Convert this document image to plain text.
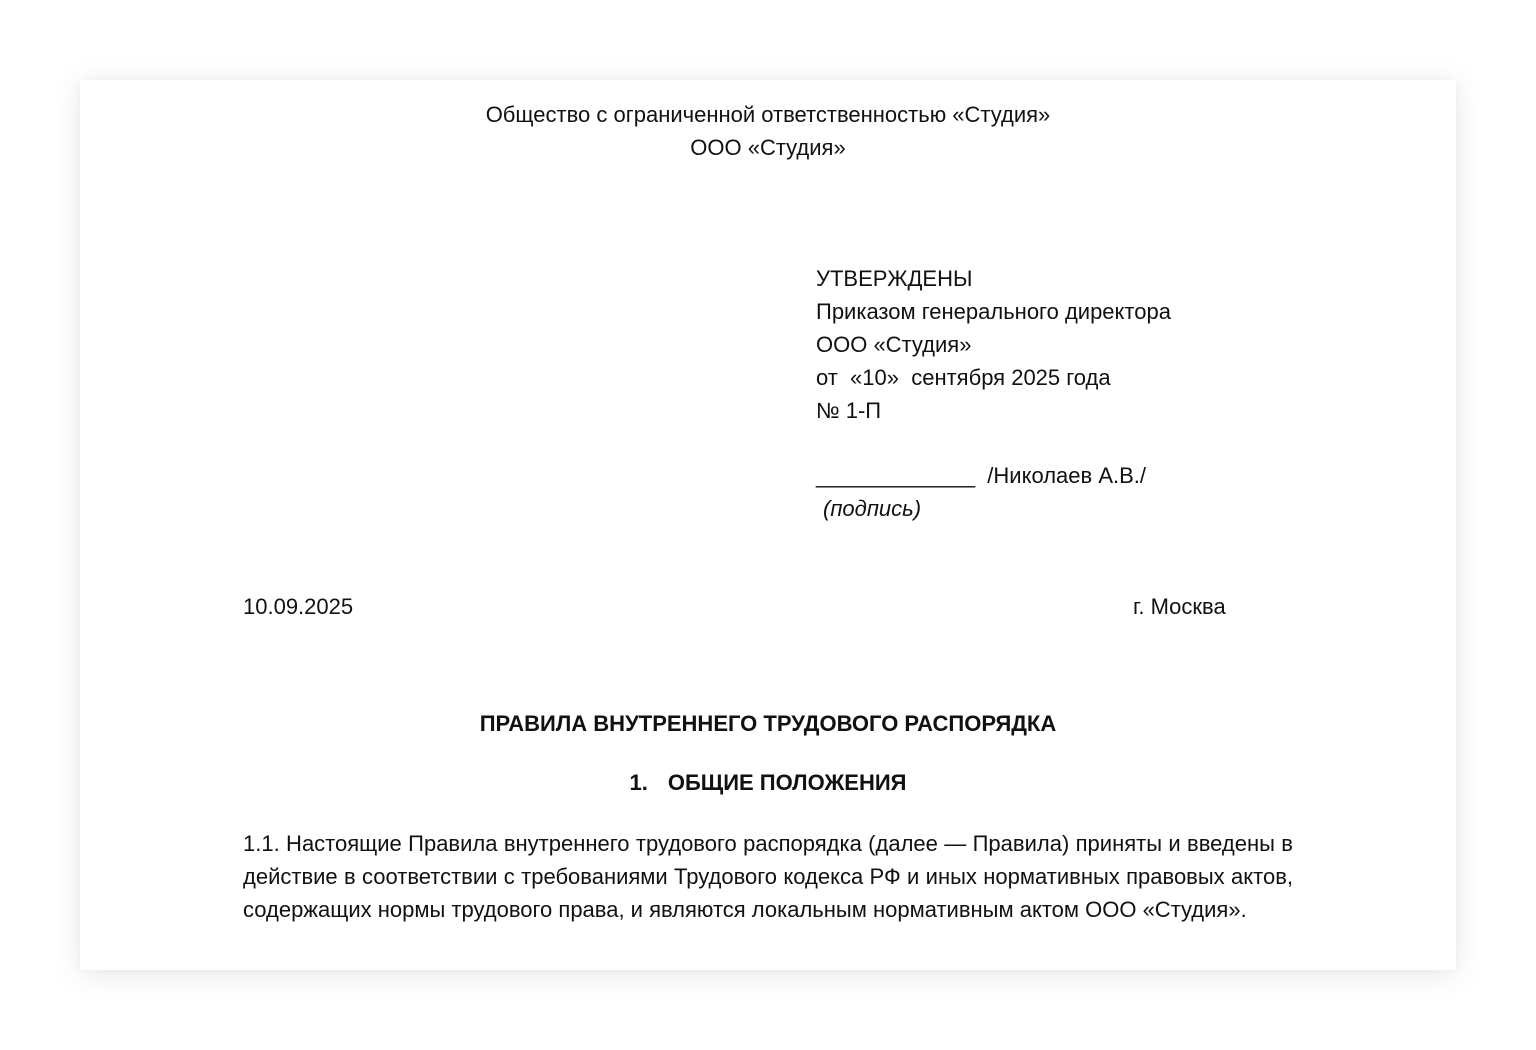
Общество с ограниченной ответственностью «Студия»
ООО «Студия»
УТВЕРЖДЕНЫ
Приказом генерального директора
ООО «Студия»
от  «10»  сентября 2025 года
№ 1-П
_____________ /Николаев А.В./
(подпись)
10.09.2025	г. Москва
ПРАВИЛА ВНУТРЕННЕГО ТРУДОВОГО РАСПОРЯДКА
1. ОБЩИЕ ПОЛОЖЕНИЯ
1.1. Настоящие Правила внутреннего трудового распорядка (далее — Правила) приняты и введены в действие в соответствии с требованиями Трудового кодекса РФ и иных нормативных правовых актов, содержащих нормы трудового права, и являются локальным нормативным актом ООО «Студия».
